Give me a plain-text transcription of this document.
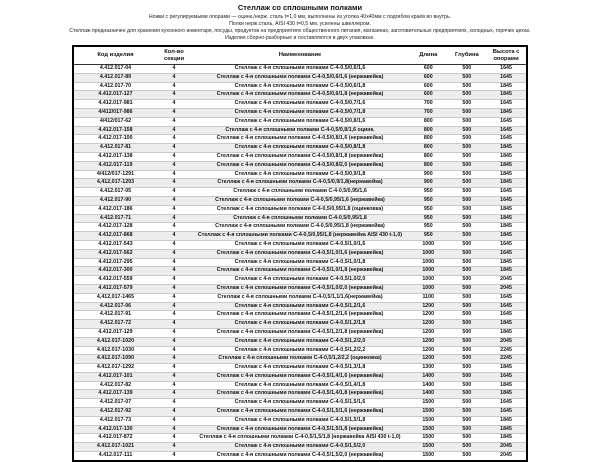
Стеллаж со сплошными полками

Ножки с регулируемыми опорами — оцинк./нерж. сталь t=1,0 мм, выполнены из уголка 40х40мм с подгибом краёв во внутрь.

Полки нерж.сталь, AISI 430 t=0,5 мм. усилены швеллером.

Стеллаж предназначен для хранения кухонного инвентаря, посуды, продуктов на предприятиях общественного питания, магазинах, заготовительных предприятиях, холодных, горячих цехах. Изделия сборно-разборные и поставляются в двух упаковках.

Код изделия	Кол-во секции	Наименование	Длина	Глубина	Высота с опорами
4.412.017-04	4	Стеллаж с 4-я сплошными полками С-4-0,5/0,6/1,6	600	500	1645
4.412.017-89	4	Стеллаж с 4-я сплошными полками С-4-0,5/0,6/1,6 (нержавейка)	600	500	1645
4.412.017-70	4	Стеллаж с 4-я сплошными полками С-4-0,5/0,6/1,8	600	500	1845
4.412.017-127	4	Стеллаж с 4-я сплошными полками С-4-0,5/0,6/1,8 (нержавейка)	600	500	1845
4.412.017-981	4	Стеллаж с 4-я сплошными полками С-4-0,5/0,7/1,6	700	500	1645
4/412/017-986	4	Стеллаж с 4-я сплошными полками С-4-0,5/0,7/1,8	700	500	1845
4/412/017-62	4	Стеллаж с 4-я сплошными полками С-4-0,5/0,8/1,6	800	500	1645
4.412.017-158	4	Стеллаж с 4-я сплошными полками С-4-0,5/0,8/1,6 оцинк.	800	500	1645
4.412.017-100	4	Стеллаж с 4-я сплошными полками С-4-0,5/0,8/1,6 (нержавейка)	800	500	1645
4.412.017-81	4	Стеллаж с 4-я сплошными полками С-4-0,5/0,8/1,8	800	500	1845
4.412.017-138	4	Стеллаж с 4-я сплошными полками С-4-0,5/0,8/1,8 (нержавейка)	800	500	1845
4.412.017-119	4	Стеллаж с 4-я сплошными полками С-4-0,5/0,8/2,0 (нержавейка)	800	500	1845
4/412/017-1291	4	Стеллаж с 4-я сплошными полками С-4-0,5/0,9/1,8	900	500	1845
4,412,017-1293	4	Стеллаж с 4-я сплошными полками С-4-0,5/0,9/1,8(нержавейка)	900	500	1845
4.412.017-05	4	Стеллаж с 4-я сплошными полками С-4-0,5/0,95/1,6	950	500	1645
4.412.017-90	4	Стеллаж с 4-я сплошными полками С-4-0,5/0,95/1,6 (нержавейка)	950	500	1645
4.412.017-186	4	Стеллаж с 4-я сплошными полками С-4-0,5/0,95/1,8 (оцинковка)	950	500	1845
4.412.017-71	4	Стеллаж с 4-я сплошными полками С-4-0,5/0,95/1,8	950	500	1845
4.412.017-128	4	Стеллаж с 4-я сплошными полками С-4-0,5/0,95/1,8 (нержавейка)	950	500	1845
4.412.017-868	4	Стеллаж с 4-я сплошными полками С-4-0,5/0,95/1,8 (нержавейка AISI 430 t-1,0)	950	500	1845
4.412.017-543	4	Стеллаж с 4-я сплошными полками С-4-0,5/1,0/1,6	1000	500	1645
4.412.017-562	4	Стеллаж с 4-я сплошными полками С-4-0,5/1,0/1,6 (нержавейка)	1000	500	1645
4.412.017-295	4	Стеллаж с 4-я сплошными полками С-4-0,5/1,0/1,8	1000	500	1845
4.412.017-300	4	Стеллаж с 4-я сплошными полками С-4-0,5/1,0/1,8 (нержавейка)	1000	500	1845
4.412.017-559	4	Стеллаж с 4-я сплошными полками С-4-0,5/1,0/2,0	1000	500	2045
4.412.017-579	4	Стеллаж с 4-я сплошными полками С-4-0,5/1,0/2,0 (нержавейка)	1000	500	2045
4,412,017-1465	4	Стеллаж с 4-я сплошными полками С-4-0,5/1,1/1,6(нержавейка)	1100	500	1645
4.412.017-06	4	Стеллаж с 4-я сплошными полками С-4-0,5/1,2/1,6	1200	500	1645
4.412.017-91	4	Стеллаж с 4-я сплошными полками С-4-0,5/1,2/1,6 (нержавейка)	1200	500	1645
4.412.017-72	4	Стеллаж с 4-я сплошными полками С-4-0,5/1,2/1,8	1200	500	1845
4.412.017-129	4	Стеллаж с 4-я сплошными полками С-4-0,5/1,2/1,8 (нержавейка)	1200	500	1845
4.412.017-1020	4	Стеллаж с 4-я сплошными полками С-4-0,5/1,2/2,0	1200	500	2045
4.412.017-1030	4	Стеллаж с 4-я сплошными полками С-4-0,5/1,2/2,2	1200	500	2245
4.412.017-1090	4	Стеллаж с 4-я сплошными полками С-4-0,5/1,2/2,2 (оцинковка)	1200	500	2245
4.412.017-1292	4	Стеллаж с 4-я сплошными полками С-4-0,5/1,3/1,8	1300	500	1845
4.412.017-101	4	Стеллаж с 4-я сплошными полками С-4-0,5/1,4/1,6 (нержавейка)	1400	500	1645
4.412.017-82	4	Стеллаж с 4-я сплошными полками С-4-0,5/1,4/1,8	1400	500	1845
4.412.017-139	4	Стеллаж с 4-я сплошными полками С-4-0,5/1,4/1,8 (нержавейка)	1400	500	1845
4.412.017-07	4	Стеллаж с 4-я сплошными полками С-4-0,5/1,5/1,6	1500	500	1645
4.412.017-92	4	Стеллаж с 4-я сплошными полками С-4-0,5/1,5/1,6 (нержавейка)	1500	500	1645
4.412.017-73	4	Стеллаж с 4-я сплошными полками С-4-0,5/1,5/1,8	1500	500	1845
4.412.017-130	4	Стеллаж с 4-я сплошными полками С-4-0,5/1,5/1,8 (нержавейка)	1500	500	1845
4.412.017-872	4	Стеллаж с 4-я сплошными полками С-4-0,5/1,5/1,8 (нержавейка AISI 430 t-1,0)	1500	500	1845
4.412.017-1021	4	Стеллаж с 4-я сплошными полками С-4-0,5/1,5/2,0	1500	500	2045
4.412.017-111	4	Стеллаж с 4-я сплошными полками С-4-0,5/1,5/2,0 (нержавейка)	1500	500	2045
